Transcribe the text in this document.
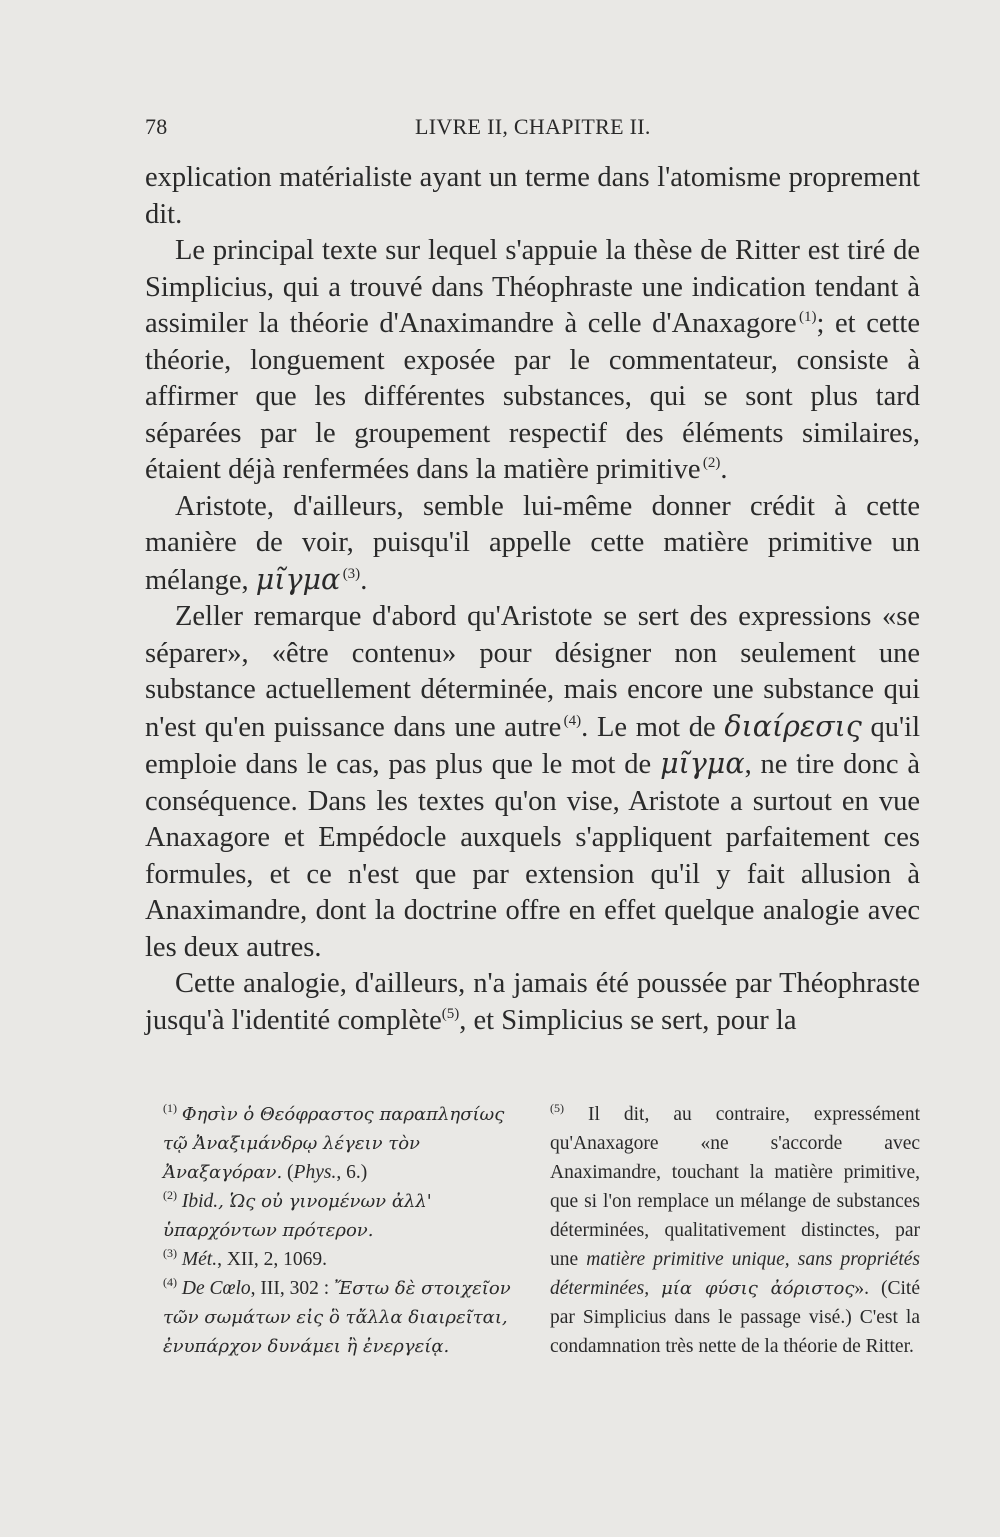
78	LIVRE II, CHAPITRE II.

explication matérialiste ayant un terme dans l'atomisme proprement dit.

Le principal texte sur lequel s'appuie la thèse de Ritter est tiré de Simplicius, qui a trouvé dans Théophraste une indication tendant à assimiler la théorie d'Anaximandre à celle d'Anaxagore  $^{(1)}$; et cette théorie, longuement exposée par le commentateur, consiste à affirmer que les différentes substances, qui se sont plus tard séparées par le groupement respectif des éléments similaires, étaient déjà renfermées dans la matière primitive  $^{(2)}$.

Aristote, d'ailleurs, semble lui-même donner crédit à cette manière de voir, puisqu'il appelle cette matière primitive un mélange, μῖγμα  $^{(3)}$.

Zeller remarque d'abord qu'Aristote se sert des expressions «se séparer», «être contenu» pour désigner non seulement une substance actuellement déterminée, mais encore une substance qui n'est qu'en puissance dans une autre  $^{(4)}$. Le mot de διαίρεσις qu'il emploie dans le cas, pas plus que le mot de μῖγμα, ne tire donc à conséquence. Dans les textes qu'on vise, Aristote a surtout en vue Anaxagore et Empédocle auxquels s'appliquent parfaitement ces formules, et ce n'est que par extension qu'il y fait allusion à Anaximandre, dont la doctrine offre en effet quelque analogie avec les deux autres.

Cette analogie, d'ailleurs, n'a jamais été poussée par Théophraste jusqu'à l'identité complète$^{(5)}$, et Simplicius se sert, pour la

$^{(1)}$ Φησὶν ὁ Θεόφραστος παραπλησίως τῷ Ἀναξιμάνδρῳ λέγειν τὸν Ἀναξαγόραν. (Phys., 6.)

$^{(2)}$ Ibid., Ὡς οὐ γινομένων ἀλλ' ὑπαρχόντων πρότερον.

$^{(3)}$ Mét., XII, 2, 1069.

$^{(4)}$ De Cœlo, III, 302 : Ἔστω δὲ στοιχεῖον τῶν σωμάτων εἰς ὃ τἄλλα διαιρεῖται, ἐνυπάρχον δυνάμει ἢ ἐνεργείᾳ.

$^{(5)}$ Il dit, au contraire, expressément qu'Anaxagore «ne s'accorde avec Anaximandre, touchant la matière primitive, que si l'on remplace un mélange de substances déterminées, qualitativement distinctes, par une matière primitive unique, sans propriétés déterminées, μία φύσις ἀόριστος». (Cité par Simplicius dans le passage visé.) C'est la condamnation très nette de la théorie de Ritter.
